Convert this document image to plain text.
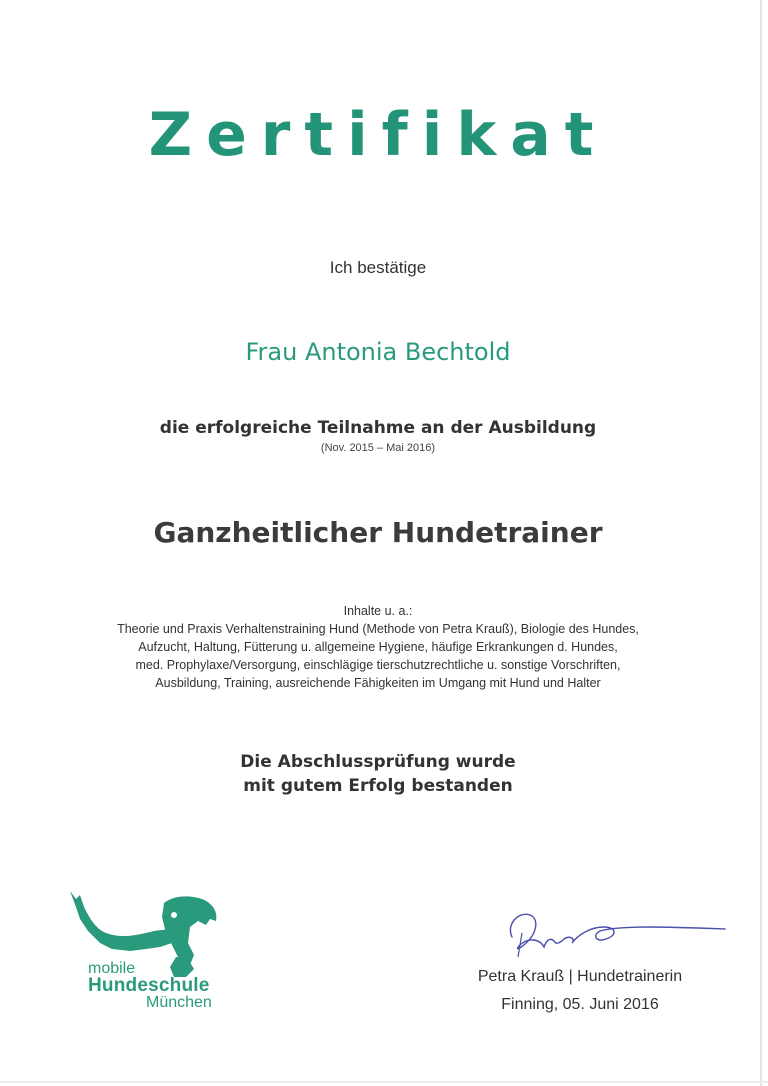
Zertifikat
Ich bestätige
Frau Antonia Bechtold
die erfolgreiche Teilnahme an der Ausbildung
(Nov. 2015 – Mai 2016)
Ganzheitlicher Hundetrainer
Inhalte u. a.:
Theorie und Praxis Verhaltenstraining Hund (Methode von Petra Krauß), Biologie des Hundes,
Aufzucht, Haltung, Fütterung u. allgemeine Hygiene, häufige Erkrankungen d. Hundes,
med. Prophylaxe/Versorgung, einschlägige tierschutzrechtliche u. sonstige Vorschriften,
Ausbildung, Training, ausreichende Fähigkeiten im Umgang mit Hund und Halter
Die Abschlussprüfung wurde
mit gutem Erfolg bestanden
mobile
Hundeschule
München
Petra Krauß | Hundetrainerin
Finning, 05. Juni 2016
